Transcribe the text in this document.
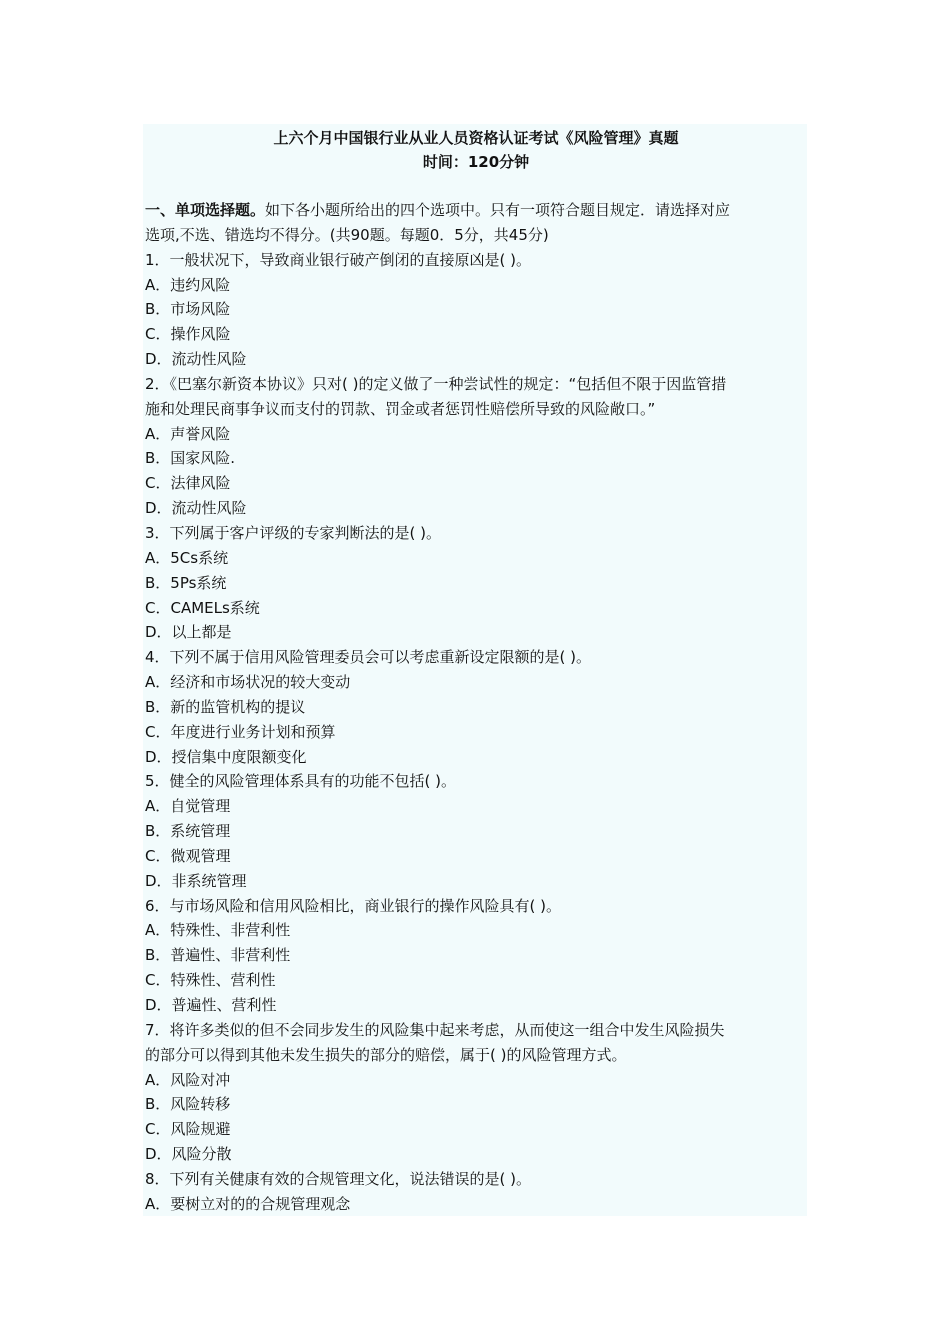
上六个月中国银行业从业人员资格认证考试《风险管理》真题
时间：120分钟
一、单项选择题。如下各小题所给出的四个选项中。只有一项符合题目规定．请选择对应
选项,不选、错选均不得分。(共90题。每题0．5分，共45分)
1．一般状况下，导致商业银行破产倒闭的直接原凶是( )。
A．违约风险
B．市场风险
C．操作风险
D．流动性风险
2．《巴塞尔新资本协议》只对( )的定义做了一种尝试性的规定：“包括但不限于因监管措
施和处理民商事争议而支付的罚款、罚金或者惩罚性赔偿所导致的风险敞口。”
A．声誉风险
B．国家风险.
C．法律风险
D．流动性风险
3．下列属于客户评级的专家判断法的是( )。
A．5Cs系统
B．5Ps系统
C．CAMELs系统
D．以上都是
4．下列不属于信用风险管理委员会可以考虑重新设定限额的是( )。
A．经济和市场状况的较大变动
B．新的监管机构的提议
C．年度进行业务计划和预算
D．授信集中度限额变化
5．健全的风险管理体系具有的功能不包括( )。
A．自觉管理
B．系统管理
C．微观管理
D．非系统管理
6．与市场风险和信用风险相比，商业银行的操作风险具有( )。
A．特殊性、非营利性
B．普遍性、非营利性
C．特殊性、营利性
D．普遍性、营利性
7．将许多类似的但不会同步发生的风险集中起来考虑，从而使这一组合中发生风险损失
的部分可以得到其他未发生损失的部分的赔偿，属于( )的风险管理方式。
A．风险对冲
B．风险转移
C．风险规避
D．风险分散
8．下列有关健康有效的合规管理文化，说法错误的是( )。
A．要树立对的的合规管理观念
